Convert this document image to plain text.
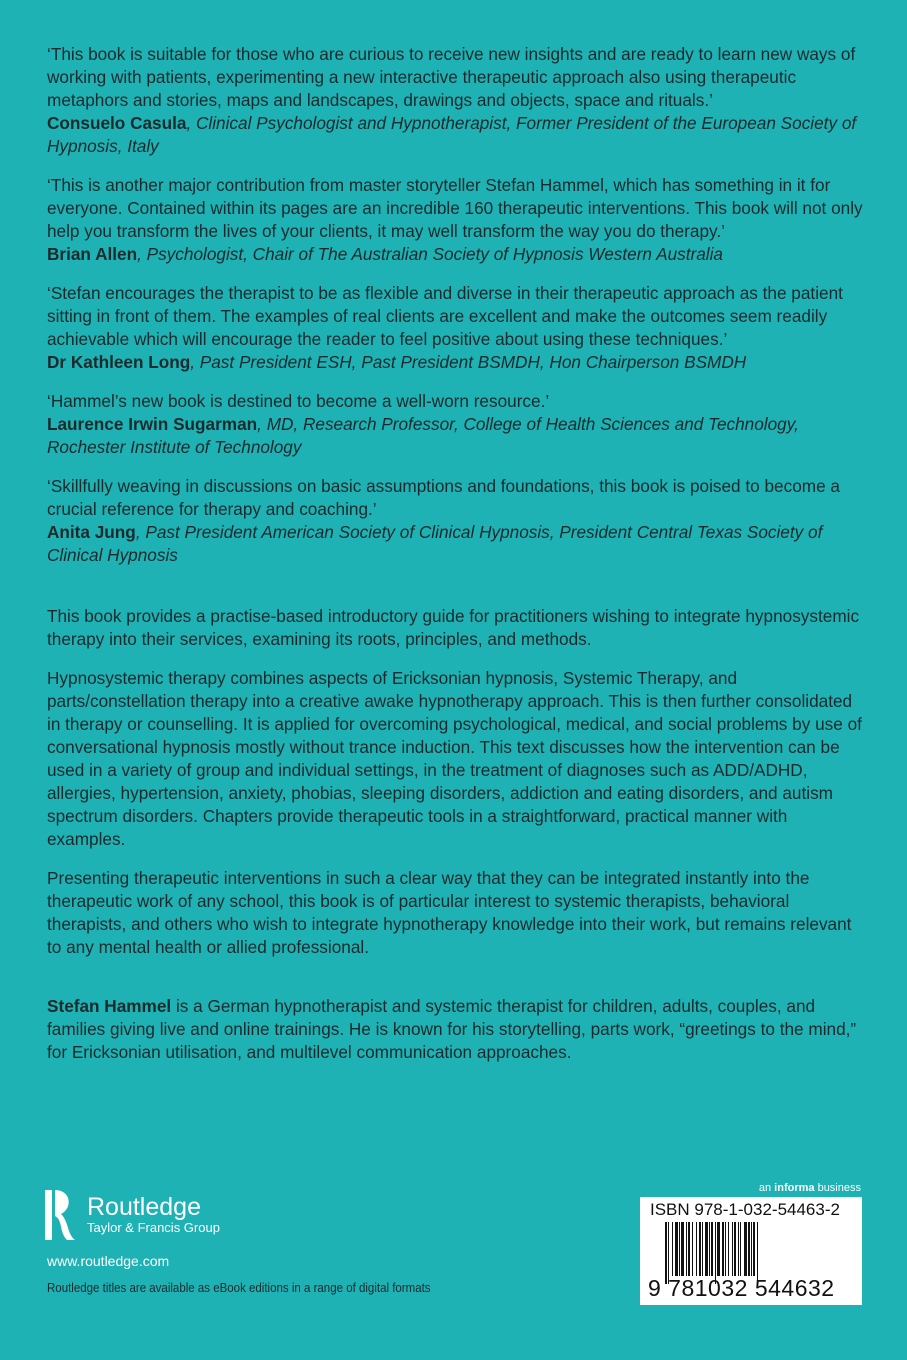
‘This book is suitable for those who are curious to receive new insights and are ready to learn new ways of working with patients, experimenting a new interactive therapeutic approach also using therapeutic metaphors and stories, maps and landscapes, drawings and objects, space and rituals.’

Consuelo Casula, Clinical Psychologist and Hypnotherapist, Former President of the European Society of Hypnosis, Italy

‘This is another major contribution from master storyteller Stefan Hammel, which has something in it for everyone. Contained within its pages are an incredible 160 therapeutic interventions. This book will not only help you transform the lives of your clients, it may well transform the way you do therapy.’

Brian Allen, Psychologist, Chair of The Australian Society of Hypnosis Western Australia

‘Stefan encourages the therapist to be as flexible and diverse in their therapeutic approach as the patient sitting in front of them. The examples of real clients are excellent and make the outcomes seem readily achievable which will encourage the reader to feel positive about using these techniques.’

Dr Kathleen Long, Past President ESH, Past President BSMDH, Hon Chairperson BSMDH

‘Hammel’s new book is destined to become a well-worn resource.’

Laurence Irwin Sugarman, MD, Research Professor, College of Health Sciences and Technology, Rochester Institute of Technology

‘Skillfully weaving in discussions on basic assumptions and foundations, this book is poised to become a crucial reference for therapy and coaching.’

Anita Jung, Past President American Society of Clinical Hypnosis, President Central Texas Society of Clinical Hypnosis

This book provides a practise-based introductory guide for practitioners wishing to integrate hypnosystemic therapy into their services, examining its roots, principles, and methods.

Hypnosystemic therapy combines aspects of Ericksonian hypnosis, Systemic Therapy, and parts/constellation therapy into a creative awake hypnotherapy approach. This is then further consolidated in therapy or counselling. It is applied for overcoming psychological, medical, and social problems by use of conversational hypnosis mostly without trance induction. This text discusses how the intervention can be used in a variety of group and individual settings, in the treatment of diagnoses such as ADD/ADHD, allergies, hypertension, anxiety, phobias, sleeping disorders, addiction and eating disorders, and autism spectrum disorders. Chapters provide therapeutic tools in a straightforward, practical manner with examples.

Presenting therapeutic interventions in such a clear way that they can be integrated instantly into the therapeutic work of any school, this book is of particular interest to systemic therapists, behavioral therapists, and others who wish to integrate hypnotherapy knowledge into their work, but remains relevant to any mental health or allied professional.

Stefan Hammel is a German hypnotherapist and systemic therapist for children, adults, couples, and families giving live and online trainings. He is known for his storytelling, parts work, “greetings to the mind,” for Ericksonian utilisation, and multilevel communication approaches.
Routledge
Taylor & Francis Group
www.routledge.com
Routledge titles are available as eBook editions in a range of digital formats
an informa business
ISBN 978-1-032-54463-2
9 781032 544632
